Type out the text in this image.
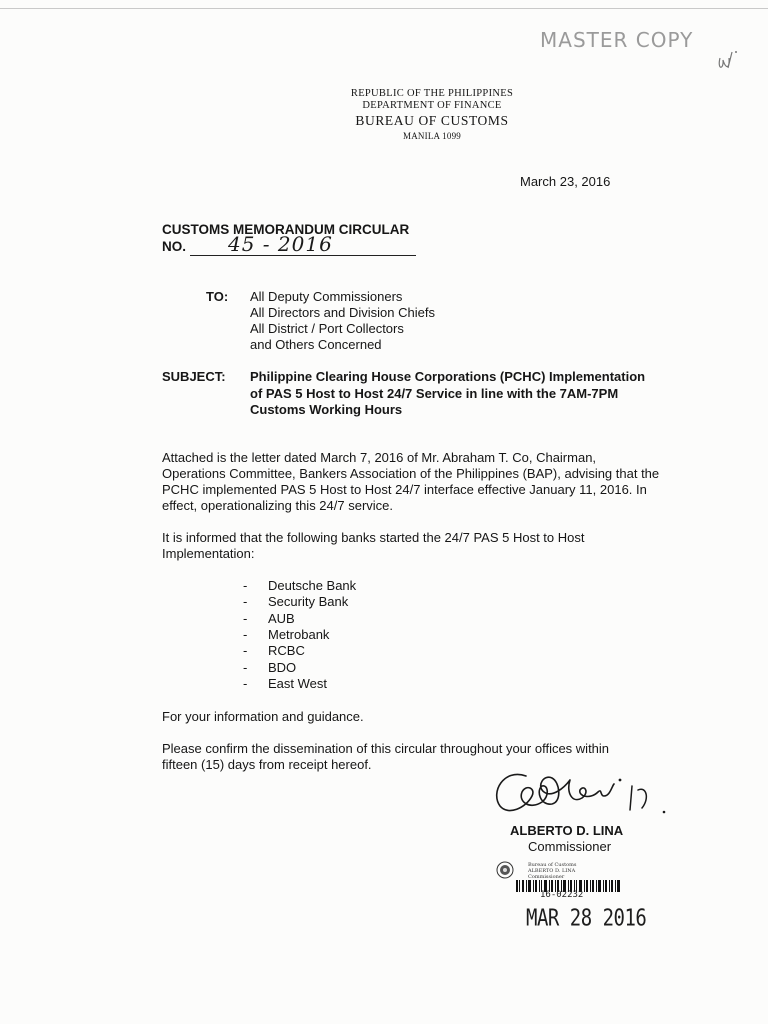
MASTER COPY
REPUBLIC OF THE PHILIPPINES
DEPARTMENT OF FINANCE
BUREAU OF CUSTOMS
MANILA 1099
March 23, 2016
CUSTOMS MEMORANDUM CIRCULAR
NO. 45 - 2016
TO: All Deputy Commissioners
All Directors and Division Chiefs
All District / Port Collectors
and Others Concerned
SUBJECT: Philippine Clearing House Corporations (PCHC) Implementation
of PAS 5 Host to Host 24/7 Service in line with the 7AM-7PM
Customs Working Hours
Attached is the letter dated March 7, 2016 of Mr. Abraham T. Co, Chairman,
Operations Committee, Bankers Association of the Philippines (BAP), advising that the
PCHC implemented PAS 5 Host to Host 24/7 interface effective January 11, 2016. In
effect, operationalizing this 24/7 service.
It is informed that the following banks started the 24/7 PAS 5 Host to Host
Implementation:
- Deutsche Bank
- Security Bank
- AUB
- Metrobank
- RCBC
- BDO
- East West
For your information and guidance.
Please confirm the dissemination of this circular throughout your offices within
fifteen (15) days from receipt hereof.
ALBERTO D. LINA
Commissioner
Bureau of Customs
ALBERTO D. LINA
Commissioner
16-02232
MAR 28 2016
